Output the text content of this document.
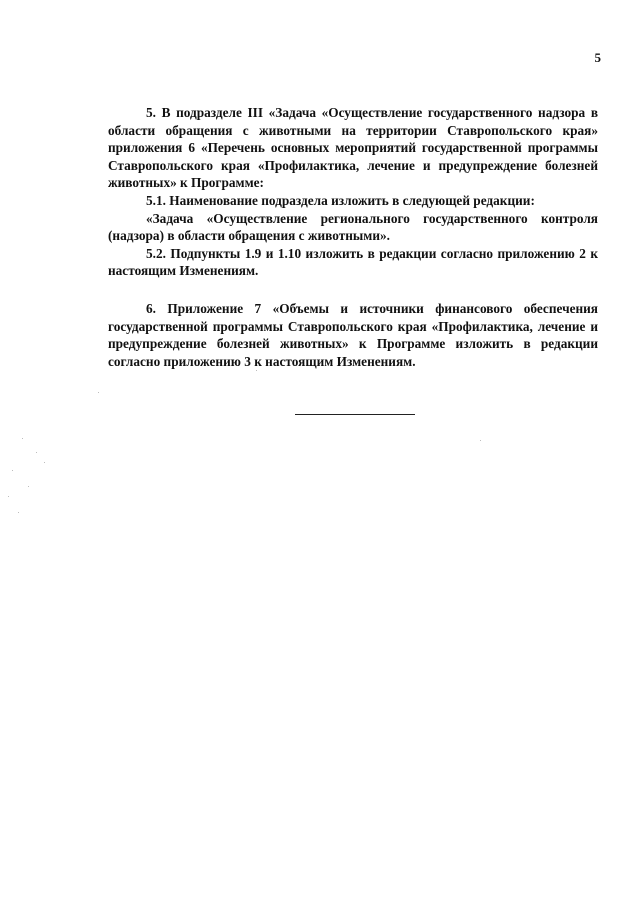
5

5. В подразделе III «Задача «Осуществление государственного надзора в области обращения с животными на территории Ставропольского края» приложения 6 «Перечень основных мероприятий государственной программы Ставропольского края «Профилактика, лечение и предупреждение болезней животных» к Программе:

5.1. Наименование подраздела изложить в следующей редакции:

«Задача «Осуществление регионального государственного контроля (надзора) в области обращения с животными».

5.2. Подпункты 1.9 и 1.10 изложить в редакции согласно приложению 2 к настоящим Изменениям.

6. Приложение 7 «Объемы и источники финансового обеспечения государственной программы Ставропольского края «Профилактика, лечение и предупреждение болезней животных» к Программе изложить в редакции согласно приложению 3 к настоящим Изменениям.
